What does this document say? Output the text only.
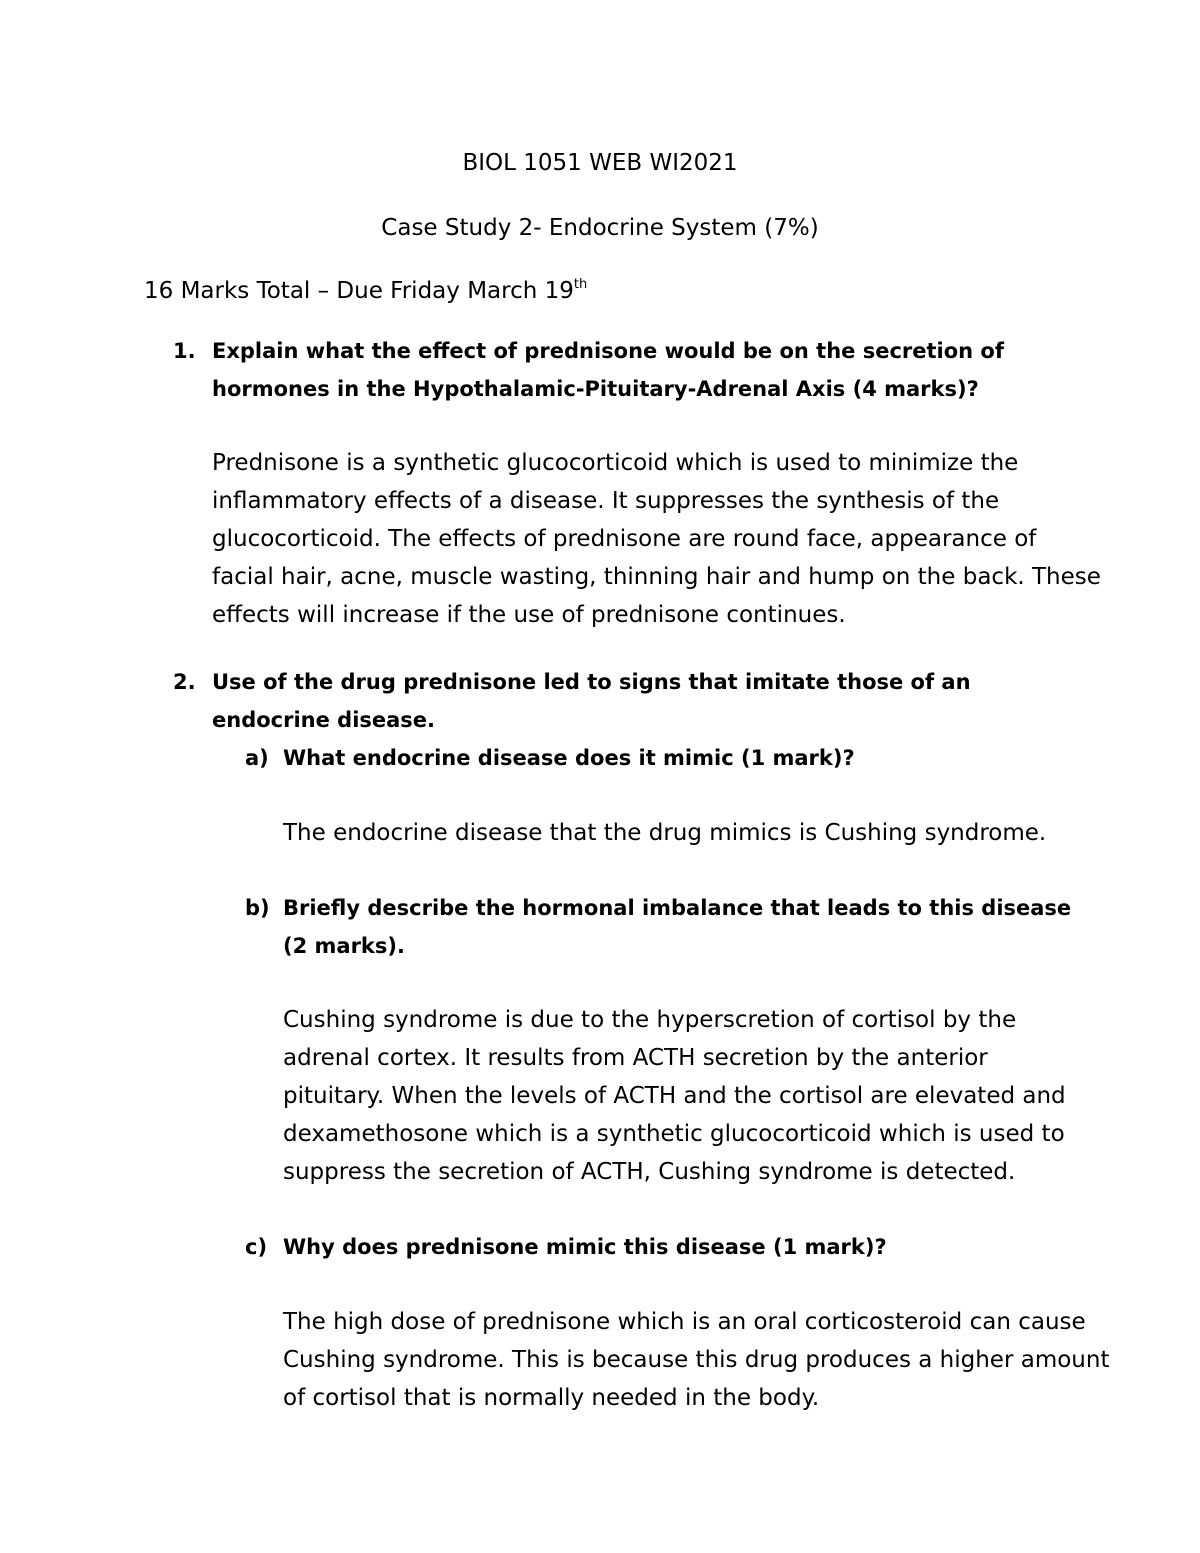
BIOL 1051 WEB WI2021
Case Study 2- Endocrine System (7%)
16 Marks Total – Due Friday March 19th
1. Explain what the effect of prednisone would be on the secretion of
hormones in the Hypothalamic-Pituitary-Adrenal Axis (4 marks)?
Prednisone is a synthetic glucocorticoid which is used to minimize the
inflammatory effects of a disease. It suppresses the synthesis of the
glucocorticoid. The effects of prednisone are round face, appearance of
facial hair, acne, muscle wasting, thinning hair and hump on the back. These
effects will increase if the use of prednisone continues.
2. Use of the drug prednisone led to signs that imitate those of an
endocrine disease.
a) What endocrine disease does it mimic (1 mark)?
The endocrine disease that the drug mimics is Cushing syndrome.
b) Briefly describe the hormonal imbalance that leads to this disease
(2 marks).
Cushing syndrome is due to the hyperscretion of cortisol by the
adrenal cortex. It results from ACTH secretion by the anterior
pituitary. When the levels of ACTH and the cortisol are elevated and
dexamethosone which is a synthetic glucocorticoid which is used to
suppress the secretion of ACTH, Cushing syndrome is detected.
c) Why does prednisone mimic this disease (1 mark)?
The high dose of prednisone which is an oral corticosteroid can cause
Cushing syndrome. This is because this drug produces a higher amount
of cortisol that is normally needed in the body.
